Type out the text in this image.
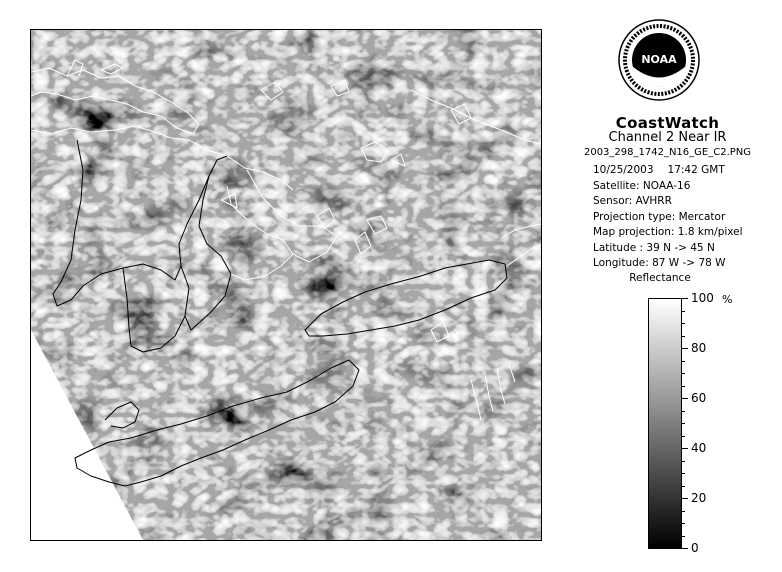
NOAA
CoastWatch
Channel 2 Near IR
2003_298_1742_N16_GE_C2.PNG
10/25/2003 17:42 GMT
Satellite: NOAA-16
Sensor: AVHRR
Projection type: Mercator
Map projection: 1.8 km/pixel
Latitude : 39 N -> 45 N
Longitude: 87 W -> 78 W
Reflectance
%
100
80
60
40
20
0
